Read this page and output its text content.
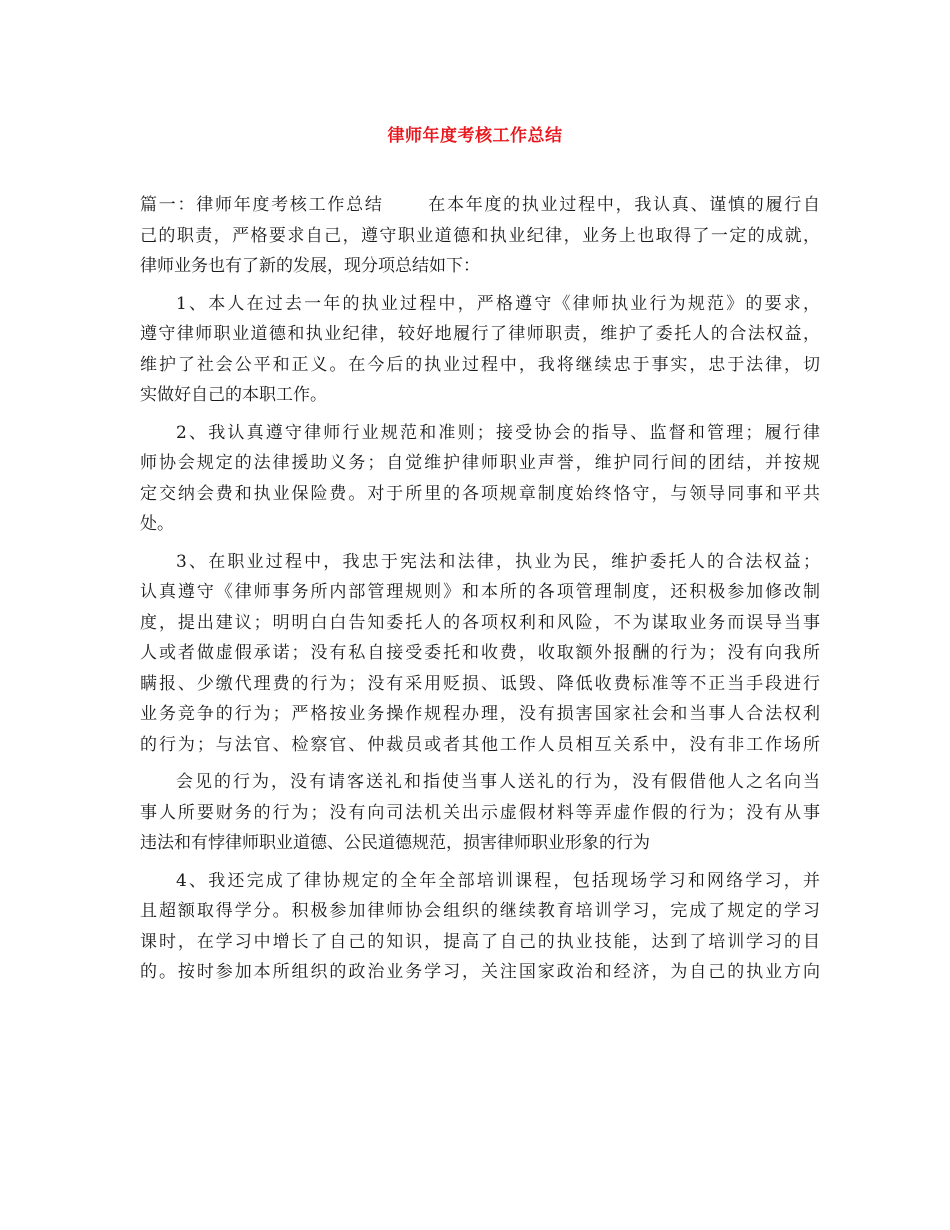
律师年度考核工作总结
篇一：律师年度考核工作总结　　 在本年度的执业过程中，我认真、谨慎的履行自
己的职责，严格要求自己，遵守职业道德和执业纪律，业务上也取得了一定的成就，
律师业务也有了新的发展，现分项总结如下：
1、本人在过去一年的执业过程中，严格遵守《律师执业行为规范》的要求，
遵守律师职业道德和执业纪律，较好地履行了律师职责，维护了委托人的合法权益，
维护了社会公平和正义。在今后的执业过程中，我将继续忠于事实，忠于法律，切
实做好自己的本职工作。
2、我认真遵守律师行业规范和准则；接受协会的指导、监督和管理；履行律
师协会规定的法律援助义务；自觉维护律师职业声誉，维护同行间的团结，并按规
定交纳会费和执业保险费。对于所里的各项规章制度始终恪守，与领导同事和平共
处。
3、在职业过程中，我忠于宪法和法律，执业为民，维护委托人的合法权益；
认真遵守《律师事务所内部管理规则》和本所的各项管理制度，还积极参加修改制
度，提出建议；明明白白告知委托人的各项权利和风险，不为谋取业务而误导当事
人或者做虚假承诺；没有私自接受委托和收费，收取额外报酬的行为；没有向我所
瞒报、少缴代理费的行为；没有采用贬损、诋毁、降低收费标准等不正当手段进行
业务竞争的行为；严格按业务操作规程办理，没有损害国家社会和当事人合法权利
的行为；与法官、检察官、仲裁员或者其他工作人员相互关系中，没有非工作场所
会见的行为，没有请客送礼和指使当事人送礼的行为，没有假借他人之名向当
事人所要财务的行为；没有向司法机关出示虚假材料等弄虚作假的行为；没有从事
违法和有悖律师职业道德、公民道德规范，损害律师职业形象的行为
4、我还完成了律协规定的全年全部培训课程，包括现场学习和网络学习，并
且超额取得学分。积极参加律师协会组织的继续教育培训学习，完成了规定的学习
课时，在学习中增长了自己的知识，提高了自己的执业技能，达到了培训学习的目
的。按时参加本所组织的政治业务学习，关注国家政治和经济，为自己的执业方向
